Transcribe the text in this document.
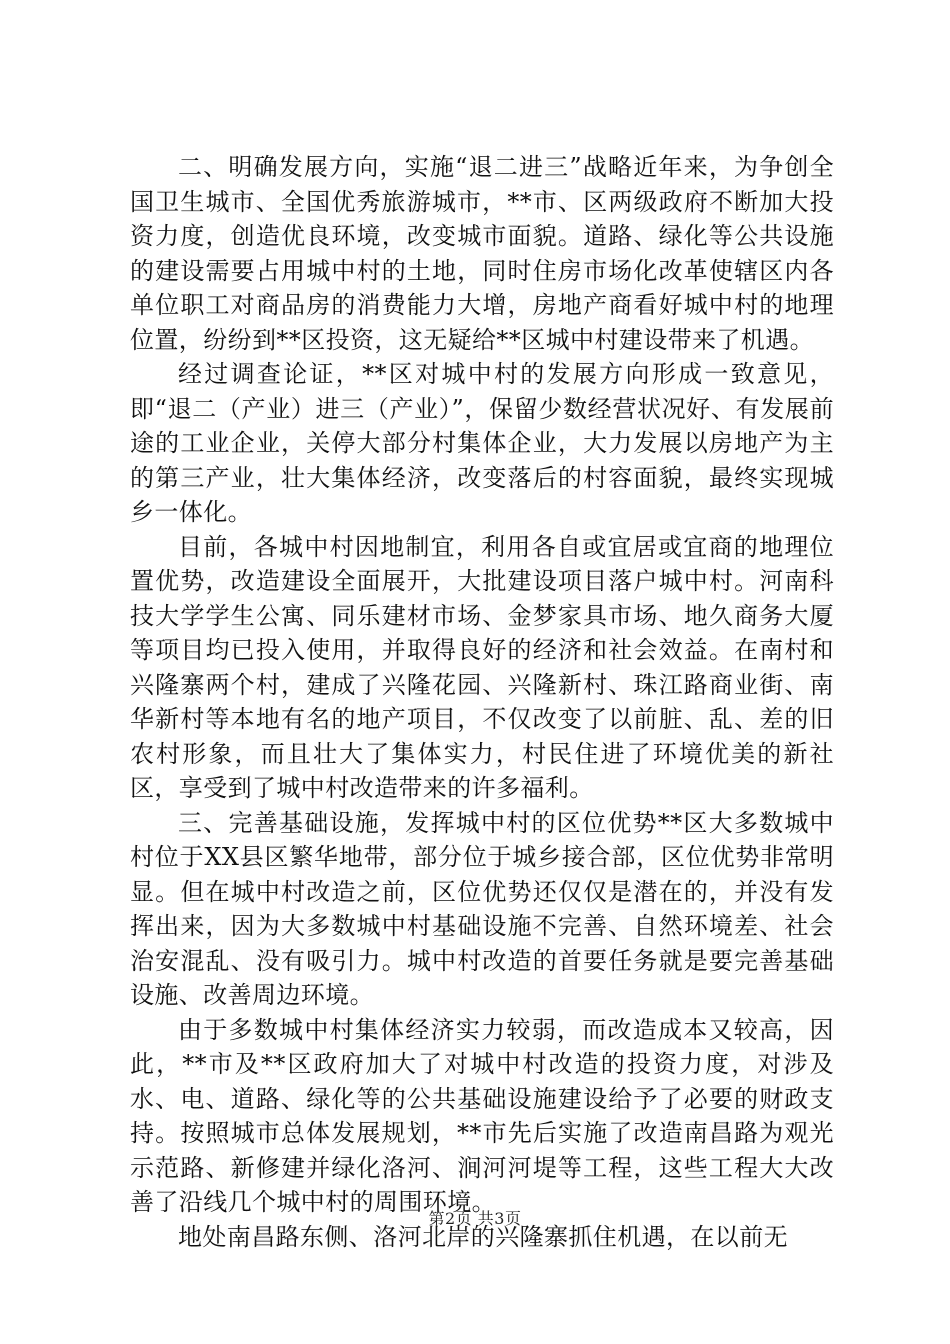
二、明确发展方向，实施“退二进三”战略近年来，为争创全国卫生城市、全国优秀旅游城市，**市、区两级政府不断加大投资力度，创造优良环境，改变城市面貌。道路、绿化等公共设施的建设需要占用城中村的土地，同时住房市场化改革使辖区内各单位职工对商品房的消费能力大增，房地产商看好城中村的地理位置，纷纷到**区投资，这无疑给**区城中村建设带来了机遇。

经过调查论证，**区对城中村的发展方向形成一致意见，即“退二（产业）进三（产业）”，保留少数经营状况好、有发展前途的工业企业，关停大部分村集体企业，大力发展以房地产为主的第三产业，壮大集体经济，改变落后的村容面貌，最终实现城乡一体化。

目前，各城中村因地制宜，利用各自或宜居或宜商的地理位置优势，改造建设全面展开，大批建设项目落户城中村。河南科技大学学生公寓、同乐建材市场、金梦家具市场、地久商务大厦等项目均已投入使用，并取得良好的经济和社会效益。在南村和兴隆寨两个村，建成了兴隆花园、兴隆新村、珠江路商业街、南华新村等本地有名的地产项目，不仅改变了以前脏、乱、差的旧农村形象，而且壮大了集体实力，村民住进了环境优美的新社区，享受到了城中村改造带来的许多福利。

三、完善基础设施，发挥城中村的区位优势**区大多数城中村位于XX县区繁华地带，部分位于城乡接合部，区位优势非常明显。但在城中村改造之前，区位优势还仅仅是潜在的，并没有发挥出来，因为大多数城中村基础设施不完善、自然环境差、社会治安混乱、没有吸引力。城中村改造的首要任务就是要完善基础设施、改善周边环境。

由于多数城中村集体经济实力较弱，而改造成本又较高，因此，**市及**区政府加大了对城中村改造的投资力度，对涉及水、电、道路、绿化等的公共基础设施建设给予了必要的财政支持。按照城市总体发展规划，**市先后实施了改造南昌路为观光示范路、新修建并绿化洛河、涧河河堤等工程，这些工程大大改善了沿线几个城中村的周围环境。

地处南昌路东侧、洛河北岸的兴隆寨抓住机遇，在以前无

第2页 共3页
